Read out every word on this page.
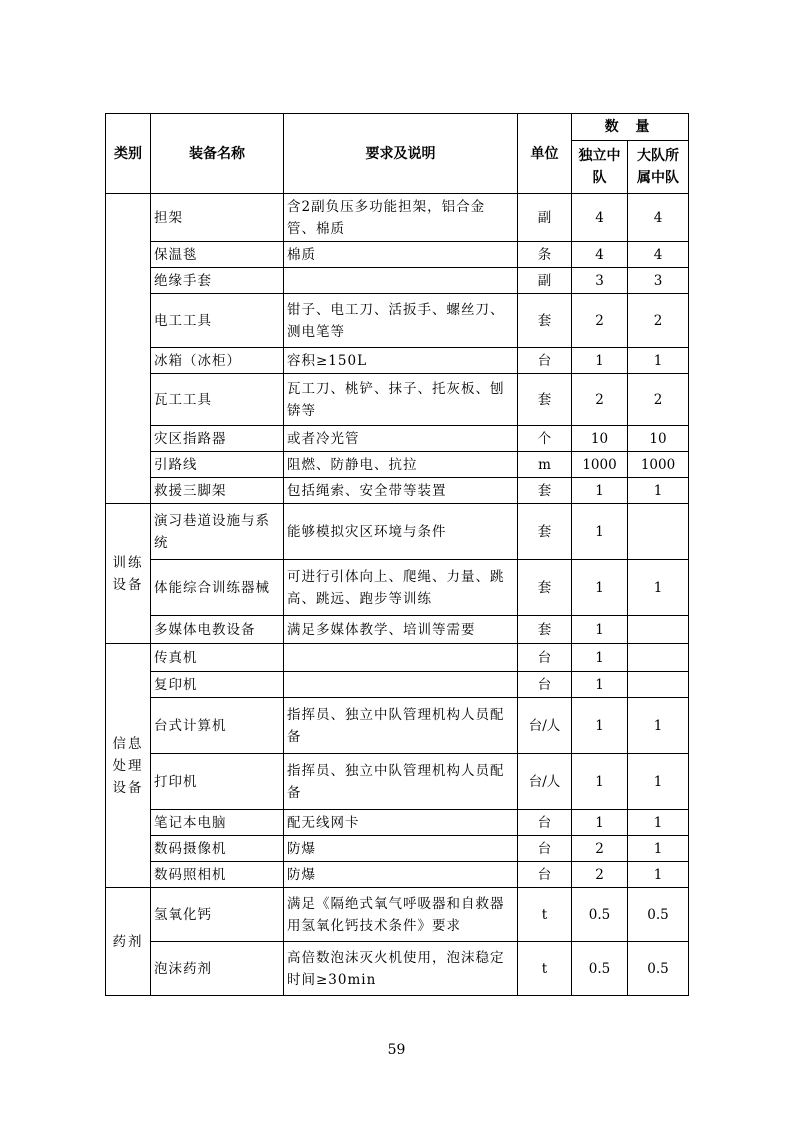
类别	装备名称	要求及说明	单位	数 量	
				独立中队	大队所属中队

	担架	含2副负压多功能担架，铝合金管、棉质	副	4	4
	保温毯	棉质	条	4	4
	绝缘手套		副	3	3
	电工工具	钳子、电工刀、活扳手、螺丝刀、测电笔等	套	2	2
	冰箱（冰柜）	容积≥150L	台	1	1
	瓦工工具	瓦工刀、桃铲、抹子、托灰板、刨锛等	套	2	2
	灾区指路器	或者冷光管	个	10	10
	引路线	阻燃、防静电、抗拉	m	1000	1000
	救援三脚架	包括绳索、安全带等装置	套	1	1
训练设备	演习巷道设施与系统	能够模拟灾区环境与条件	套	1	
	体能综合训练器械	可进行引体向上、爬绳、力量、跳高、跳远、跑步等训练	套	1	1
	多媒体电教设备	满足多媒体教学、培训等需要	套	1	
信息处理设备	传真机		台	1	
	复印机		台	1	
	台式计算机	指挥员、独立中队管理机构人员配备	台/人	1	1
	打印机	指挥员、独立中队管理机构人员配备	台/人	1	1
	笔记本电脑	配无线网卡	台	1	1
	数码摄像机	防爆	台	2	1
	数码照相机	防爆	台	2	1
药剂	氢氧化钙	满足《隔绝式氧气呼吸器和自救器用氢氧化钙技术条件》要求	t	0.5	0.5
	泡沫药剂	高倍数泡沫灭火机使用，泡沫稳定时间≥30min	t	0.5	0.5
59
